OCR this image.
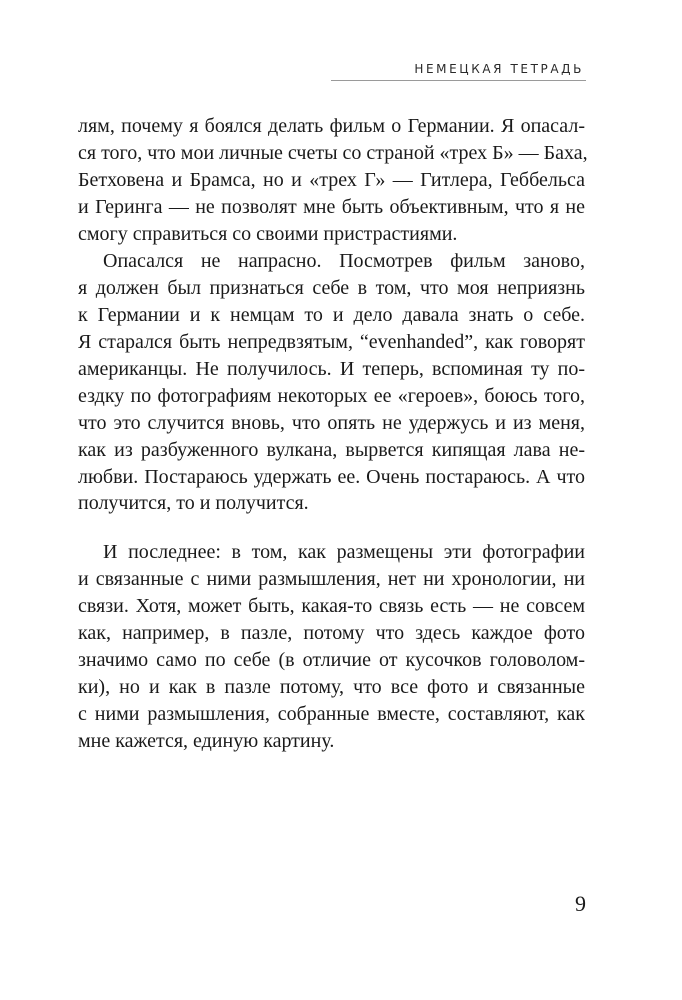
НЕМЕЦКАЯ ТЕТРАДЬ
лям, почему я боялся делать фильм о Германии. Я опасал-
ся того, что мои личные счеты со страной «трех Б» — Баха,
Бетховена и Брамса, но и «трех Г» — Гитлера, Геббельса
и Геринга — не позволят мне быть объективным, что я не
смогу справиться со своими пристрастиями.
Опасался не напрасно. Посмотрев фильм заново,
я должен был признаться себе в том, что моя неприязнь
к Германии и к немцам то и дело давала знать о себе.
Я старался быть непредвзятым, “evenhanded”, как говорят
американцы. Не получилось. И теперь, вспоминая ту по-
ездку по фотографиям некоторых ее «героев», боюсь того,
что это случится вновь, что опять не удержусь и из меня,
как из разбуженного вулкана, вырвется кипящая лава не-
любви. Постараюсь удержать ее. Очень постараюсь. А что
получится, то и получится.
И последнее: в том, как размещены эти фотографии
и связанные с ними размышления, нет ни хронологии, ни
связи. Хотя, может быть, какая-то связь есть — не совсем
как, например, в пазле, потому что здесь каждое фото
значимо само по себе (в отличие от кусочков головолом-
ки), но и как в пазле потому, что все фото и связанные
с ними размышления, собранные вместе, составляют, как
мне кажется, единую картину.
9
